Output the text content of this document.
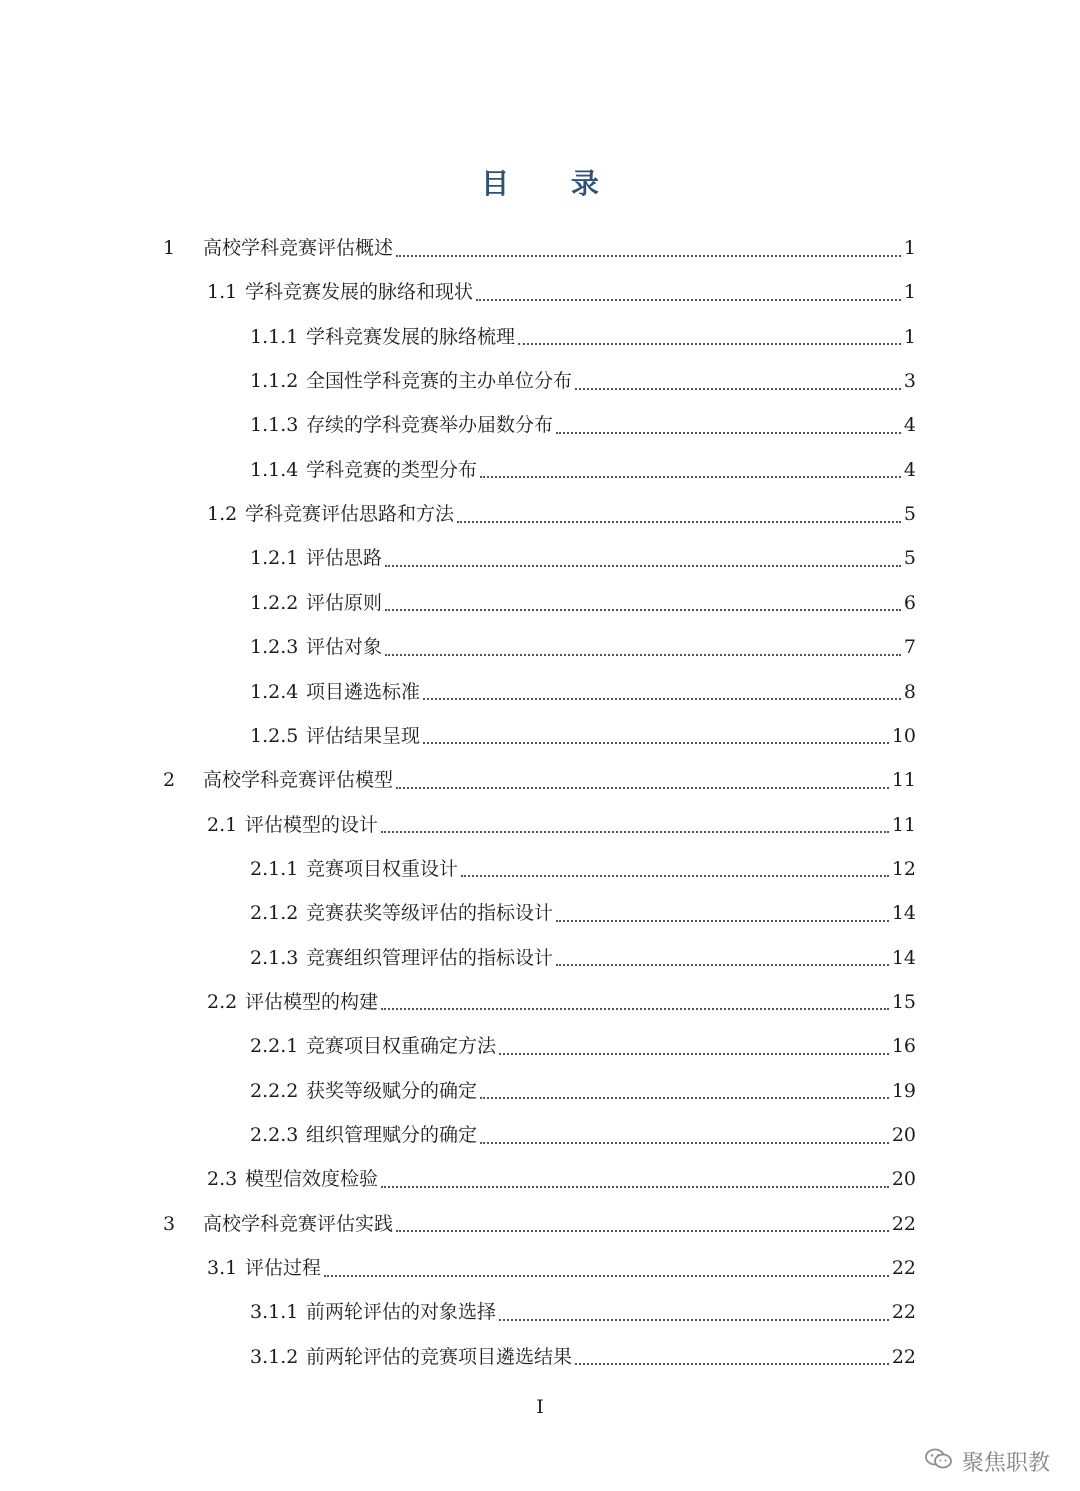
目 录
1	高校学科竞赛评估概述	1
1.1 学科竞赛发展的脉络和现状	1
1.1.1 学科竞赛发展的脉络梳理	1
1.1.2 全国性学科竞赛的主办单位分布	3
1.1.3 存续的学科竞赛举办届数分布	4
1.1.4 学科竞赛的类型分布	4
1.2 学科竞赛评估思路和方法	5
1.2.1 评估思路	5
1.2.2 评估原则	6
1.2.3 评估对象	7
1.2.4 项目遴选标准	8
1.2.5 评估结果呈现	10
2	高校学科竞赛评估模型	11
2.1 评估模型的设计	11
2.1.1 竞赛项目权重设计	12
2.1.2 竞赛获奖等级评估的指标设计	14
2.1.3 竞赛组织管理评估的指标设计	14
2.2 评估模型的构建	15
2.2.1 竞赛项目权重确定方法	16
2.2.2 获奖等级赋分的确定	19
2.2.3 组织管理赋分的确定	20
2.3 模型信效度检验	20
3	高校学科竞赛评估实践	22
3.1 评估过程	22
3.1.1 前两轮评估的对象选择	22
3.1.2 前两轮评估的竞赛项目遴选结果	22
I
聚焦职教
